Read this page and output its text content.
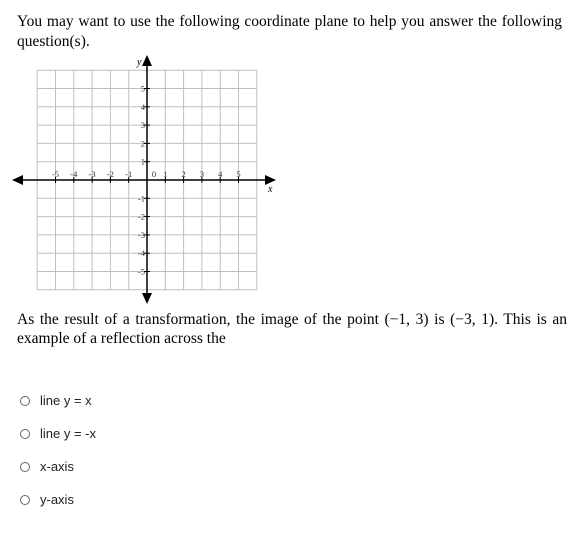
You may want to use the following coordinate plane to help you answer the following question(s).

-5 -4 -3 -2 -1	1 2 3 4 5
5
4
3
2
1
-1
-2
-3
-4
-5
0
x
y

As the result of a transformation, the image of the point (−1, 3) is (−3, 1). This is an example of a reflection across the

line y = x
line y = -x
x-axis
y-axis
